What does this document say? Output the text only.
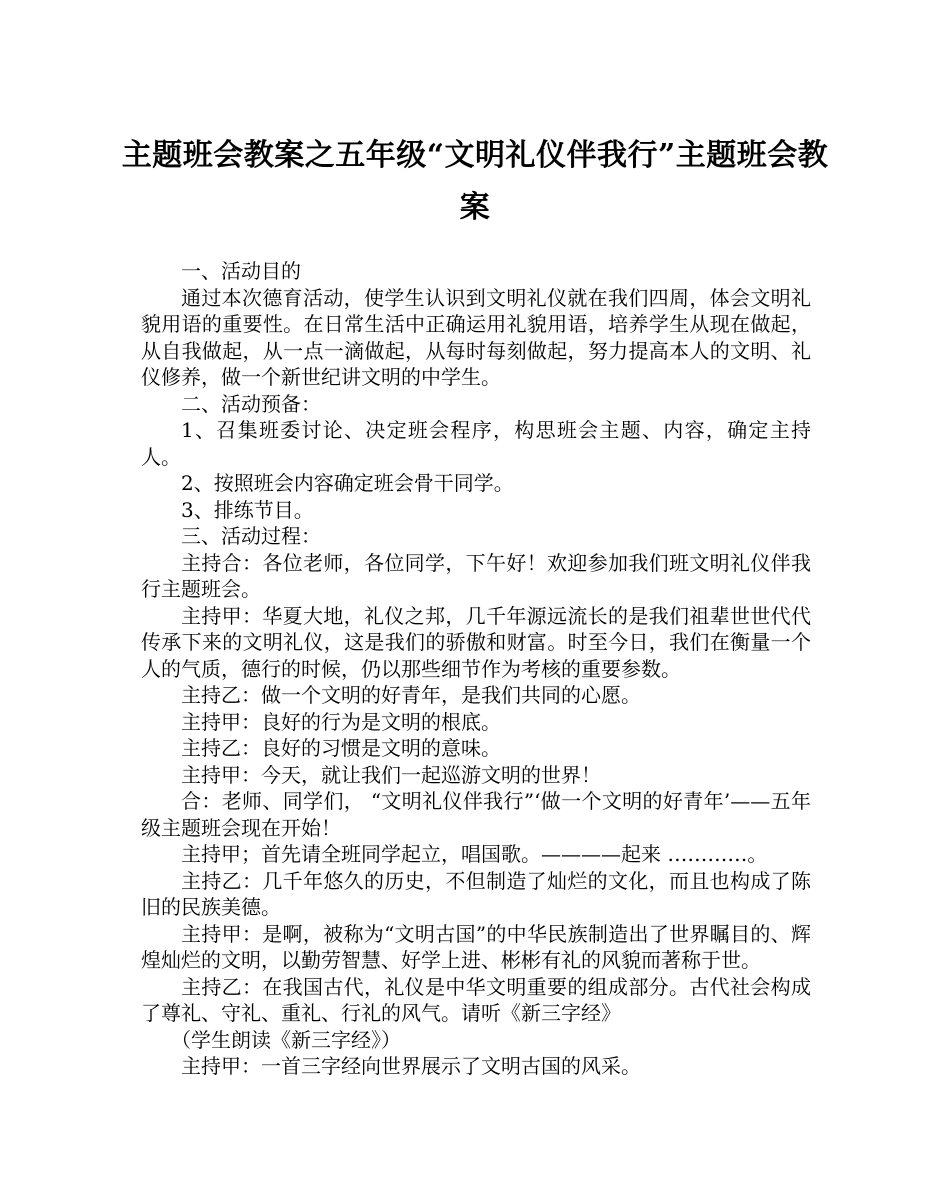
主题班会教案之五年级“文明礼仪伴我行”主题班会教案

一、活动目的

通过本次德育活动，使学生认识到文明礼仪就在我们四周，体会文明礼貌用语的重要性。在日常生活中正确运用礼貌用语，培养学生从现在做起，从自我做起，从一点一滴做起，从每时每刻做起，努力提高本人的文明、礼仪修养，做一个新世纪讲文明的中学生。

二、活动预备：

1、召集班委讨论、决定班会程序，构思班会主题、内容，确定主持人。

2、按照班会内容确定班会骨干同学。

3、排练节目。

三、活动过程：

主持合：各位老师，各位同学，下午好！欢迎参加我们班文明礼仪伴我行主题班会。

主持甲：华夏大地，礼仪之邦，几千年源远流长的是我们祖辈世世代代传承下来的文明礼仪，这是我们的骄傲和财富。时至今日，我们在衡量一个人的气质，德行的时候，仍以那些细节作为考核的重要参数。

主持乙：做一个文明的好青年，是我们共同的心愿。

主持甲：良好的行为是文明的根底。

主持乙：良好的习惯是文明的意味。

主持甲：今天，就让我们一起巡游文明的世界！

合：老师、同学们， “文明礼仪伴我行”‘做一个文明的好青年’——五年级主题班会现在开始！

主持甲；首先请全班同学起立，唱国歌。————起来 …………。

主持乙：几千年悠久的历史，不但制造了灿烂的文化，而且也构成了陈旧的民族美德。

主持甲：是啊，被称为“文明古国”的中华民族制造出了世界瞩目的、辉煌灿烂的文明，以勤劳智慧、好学上进、彬彬有礼的风貌而著称于世。

主持乙：在我国古代，礼仪是中华文明重要的组成部分。古代社会构成了尊礼、守礼、重礼、行礼的风气。请听《新三字经》

（学生朗读《新三字经》）

主持甲：一首三字经向世界展示了文明古国的风采。
